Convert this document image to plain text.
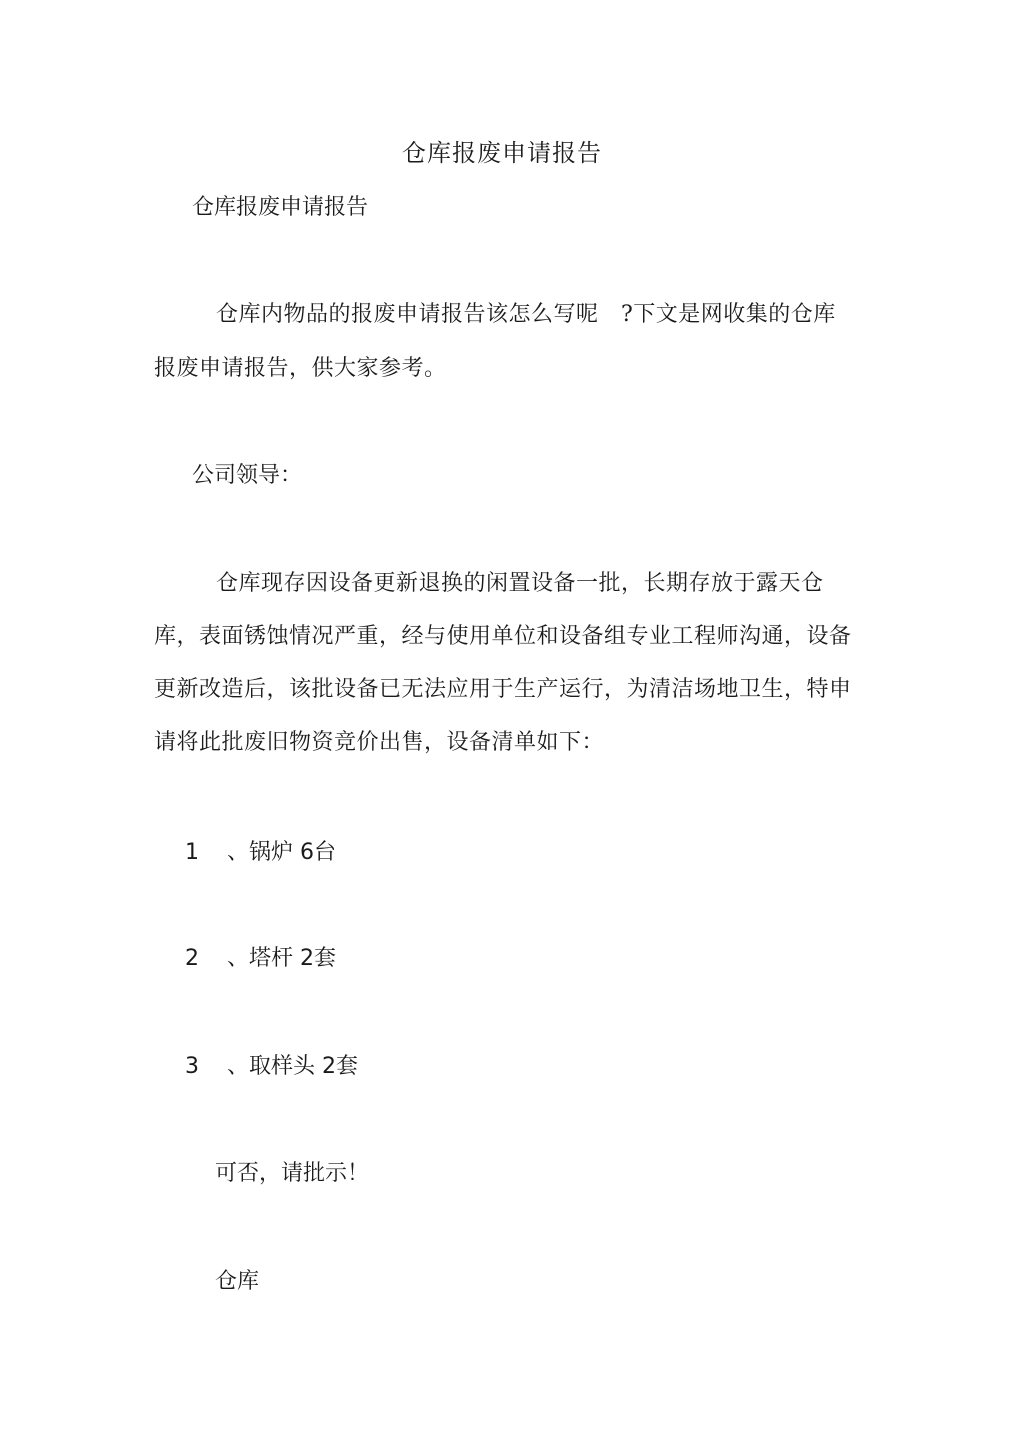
仓库报废申请报告
仓库报废申请报告

仓库内物品的报废申请报告该怎么写呢　?下文是网收集的仓库报废申请报告，供大家参考。

公司领导：

仓库现存因设备更新退换的闲置设备一批，长期存放于露天仓库，表面锈蚀情况严重，经与使用单位和设备组专业工程师沟通，设备更新改造后，该批设备已无法应用于生产运行，为清洁场地卫生，特申请将此批废旧物资竞价出售，设备清单如下：

1 、锅炉 6台
2 、塔杆 2套
3 、取样头 2套
可否，请批示！
仓库
